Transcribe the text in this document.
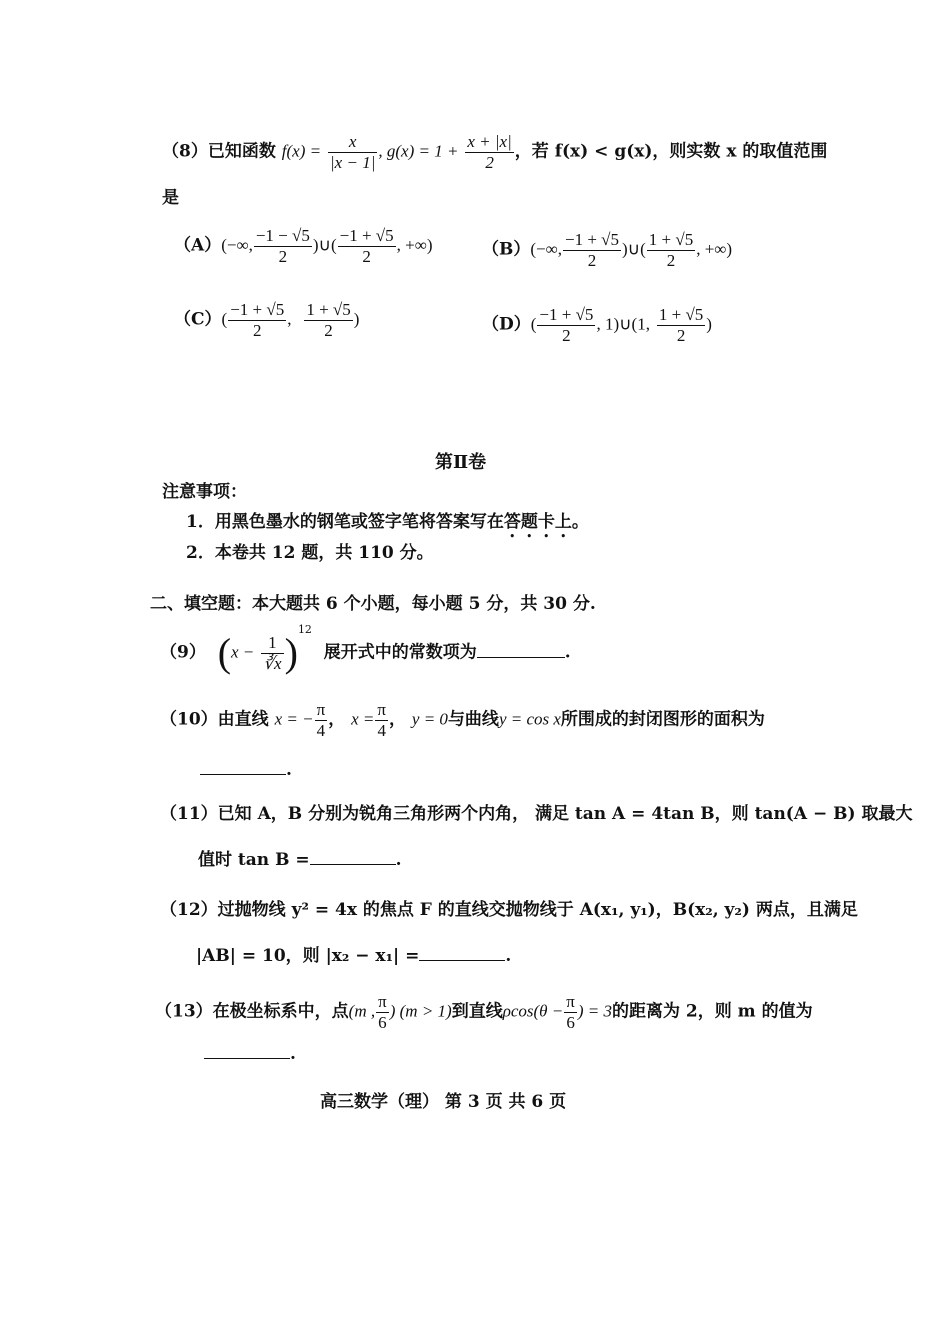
（8）已知函数 $f(x) = \frac{x}{|x - 1|}$ , $g(x) = 1 + \frac{x + |x|}{2}$ ，若 f(x) < g(x)，则实数 x 的取值范围
是
（A）(−∞, $\frac{-1 - √5}{2}$ )∪( $\frac{-1 + √5}{2}$ , +∞)	（B）(−∞, $\frac{-1 + √5}{2}$ )∪( $\frac{1 + √5}{2}$ , +∞)
$(C)( \frac{-1 + √5}{2}$ , $\frac{1 + √5}{2}$ )	$(D)( \frac{-1 + √5}{2}$ , 1)∪(1, $\frac{1 + √5}{2}$ )
第Ⅱ卷
注意事项：
1．用黑色墨水的钢笔或签字笔将答案写在答题卡上。
2．本卷共 12 题，共 110 分。
二、填空题：本大题共 6 个小题，每小题 5 分，共 30 分.
（9） $(x - \frac{1}{∛x} )^{12}$  展开式中的常数项为	.
（10）由直线 x = − $\frac{\pi}{4}$ ， $x = \frac{\pi}{4}$ ， y = 0与曲线y = cos x所围成的封闭图形的面积为
.
（11）已知 A，B 分别为锐角三角形两个内角， 满足 tan A = 4tan B，则 tan(A − B) 取最大
值时 tan B =	.
（12）过抛物线 y² = 4x 的焦点 F 的直线交抛物线于 A(x₁, y₁)，B(x₂, y₂) 两点，且满足
|AB| = 10，则 |x₂ − x₁| =	.
（13）在极坐标系中，点(m , $\frac{\pi}{6}$ ) (m > 1)到直线$\rho\cos(\theta - \frac{\pi}{6}$ ) = 3的距离为 2，则 m 的值为
.
高三数学（理） 第 3 页 共 6 页
